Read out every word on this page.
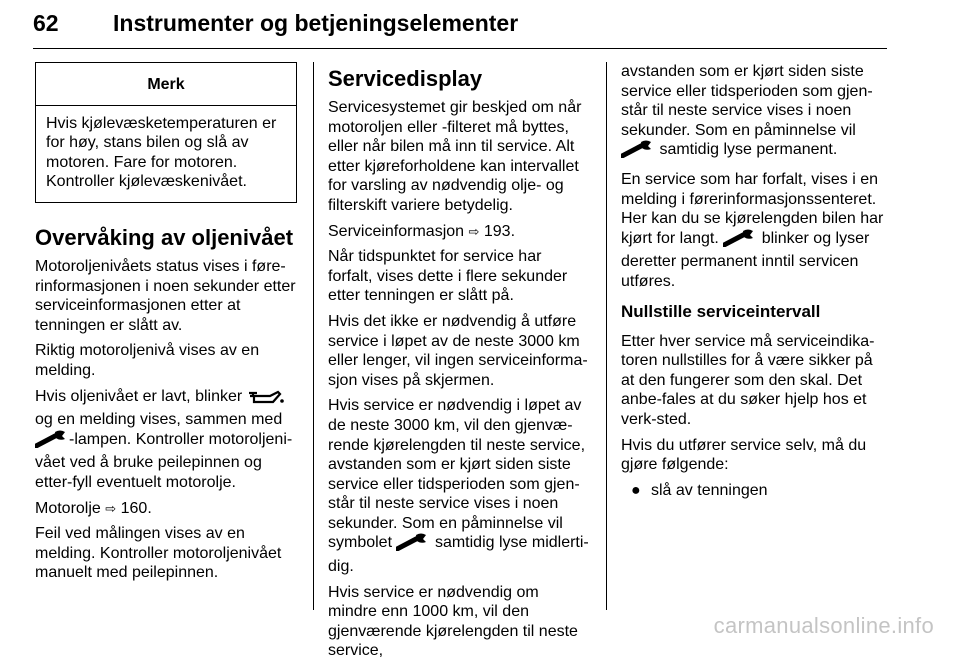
62 Instrumenter og betjeningselementer
Merk
Hvis kjølevæsketemperaturen er for høy, stans bilen og slå av motoren. Fare for motoren. Kontroller kjølevæskenivået.
Overvåking av oljenivået

Motoroljenivåets status vises i føre-rinformasjonen i noen sekunder etter serviceinformasjonen etter at tenningen er slått av.

Riktig motoroljenivå vises av en melding.

Hvis oljenivået er lavt, blinker  og en melding vises, sammen med -lampen. Kontroller motoroljeni-vået ved å bruke peilepinnen og etter-fyll eventuelt motorolje.

Motorolje ⇨ 160.

Feil ved målingen vises av en melding. Kontroller motoroljenivået manuelt med peilepinnen.

Servicedisplay

Servicesystemet gir beskjed om når motoroljen eller -filteret må byttes, eller når bilen må inn til service. Alt etter kjøreforholdene kan intervallet for varsling av nødvendig olje- og filterskift variere betydelig.

Serviceinformasjon ⇨ 193.

Når tidspunktet for service har forfalt, vises dette i flere sekunder etter tenningen er slått på.

Hvis det ikke er nødvendig å utføre service i løpet av de neste 3000 km eller lenger, vil ingen serviceinforma-sjon vises på skjermen.

Hvis service er nødvendig i løpet av de neste 3000 km, vil den gjenvæ-rende kjørelengden til neste service, avstanden som er kjørt siden siste service eller tidsperioden som gjen-står til neste service vises i noen sekunder. Som en påminnelse vil symbolet	samtidig lyse midlerti-dig.

Hvis service er nødvendig om mindre enn 1000 km, vil den gjenværende kjørelengden til neste service,

avstanden som er kjørt siden siste service eller tidsperioden som gjen-står til neste service vises i noen sekunder. Som en påminnelse vil  samtidig lyse permanent.

En service som har forfalt, vises i en melding i førerinformasjonssenteret. Her kan du se kjørelengden bilen har kjørt for langt.	blinker og lyser deretter permanent inntil servicen utføres.

Nullstille serviceintervall

Etter hver service må serviceindika-toren nullstilles for å være sikker på at den fungerer som den skal. Det anbe-fales at du søker hjelp hos et verk-sted.

Hvis du utfører service selv, må du gjøre følgende:

● slå av tenningen

carmanualsonline.info
